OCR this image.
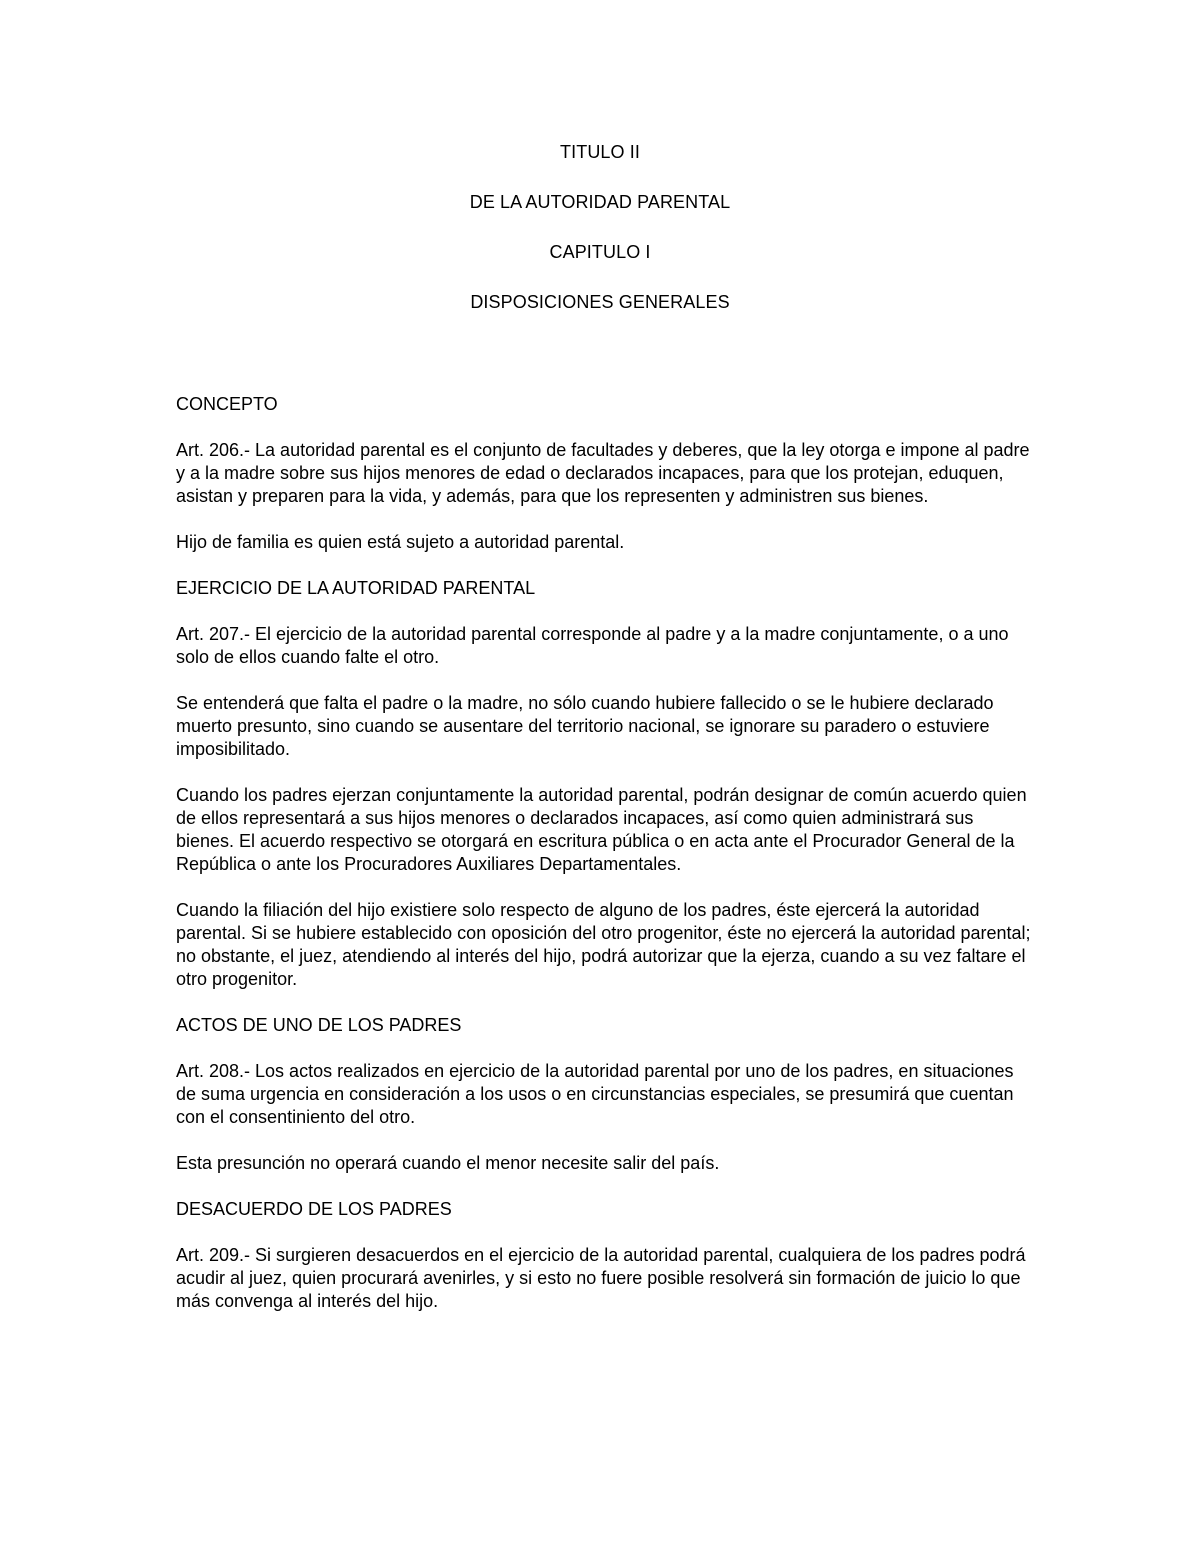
TITULO II
DE LA AUTORIDAD PARENTAL
CAPITULO I
DISPOSICIONES GENERALES
CONCEPTO

Art. 206.- La autoridad parental es el conjunto de facultades y deberes, que la ley otorga e impone al padre y a la madre sobre sus hijos menores de edad o declarados incapaces, para que los protejan, eduquen, asistan y preparen para la vida, y además, para que los representen y administren sus bienes.

Hijo de familia es quien está sujeto a autoridad parental.

EJERCICIO DE LA AUTORIDAD PARENTAL

Art. 207.- El ejercicio de la autoridad parental corresponde al padre y a la madre conjuntamente, o a uno solo de ellos cuando falte el otro.

Se entenderá que falta el padre o la madre, no sólo cuando hubiere fallecido o se le hubiere declarado muerto presunto, sino cuando se ausentare del territorio nacional, se ignorare su paradero o estuviere imposibilitado.

Cuando los padres ejerzan conjuntamente la autoridad parental, podrán designar de común acuerdo quien de ellos representará a sus hijos menores o declarados incapaces, así como quien administrará sus bienes. El acuerdo respectivo se otorgará en escritura pública o en acta ante el Procurador General de la República o ante los Procuradores Auxiliares Departamentales.

Cuando la filiación del hijo existiere solo respecto de alguno de los padres, éste ejercerá la autoridad parental. Si se hubiere establecido con oposición del otro progenitor, éste no ejercerá la autoridad parental; no obstante, el juez, atendiendo al interés del hijo, podrá autorizar que la ejerza, cuando a su vez faltare el otro progenitor.

ACTOS DE UNO DE LOS PADRES

Art. 208.- Los actos realizados en ejercicio de la autoridad parental por uno de los padres, en situaciones de suma urgencia en consideración a los usos o en circunstancias especiales, se presumirá que cuentan con el consentiniento del otro.

Esta presunción no operará cuando el menor necesite salir del país.

DESACUERDO DE LOS PADRES

Art. 209.- Si surgieren desacuerdos en el ejercicio de la autoridad parental, cualquiera de los padres podrá acudir al juez, quien procurará avenirles, y si esto no fuere posible resolverá sin formación de juicio lo que más convenga al interés del hijo.
